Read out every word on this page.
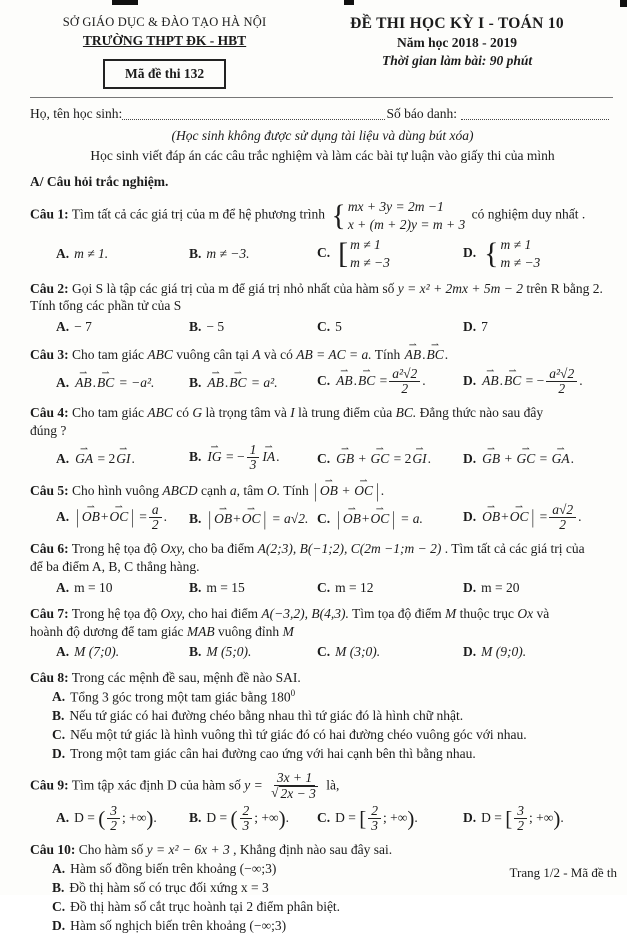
SỞ GIÁO DỤC & ĐÀO TẠO HÀ NỘI
TRƯỜNG THPT ĐK - HBT
Mã đề thi 132
ĐỀ THI HỌC KỲ I - TOÁN 10
Năm học 2018 - 2019
Thời gian làm bài: 90 phút
Họ, tên học sinh:	Số báo danh:
(Học sinh không được sử dụng tài liệu và dùng bút xóa)
Học sinh viết đáp án các câu trắc nghiệm và làm các bài tự luận vào giấy thi của mình
A/ Câu hỏi trắc nghiệm.
Câu 1: Tìm tất cả các giá trị của m để hệ phương trình { mx + 3y = 2m −1
x + (m + 2)y = m + 3
có nghiệm duy nhất .
A. m ≠ 1.	B. m ≠ −3.	C. [ m ≠ 1
m ≠ −3
D. { m ≠ 1
m ≠ −3
Câu 2: Gọi S là tập các giá trị của m để giá trị nhỏ nhất của hàm số y = x² + 2mx + 5m − 2 trên R bằng 2.
Tính tổng các phần tử của S
A. − 7	B. − 5	C. 5	D. 7
Câu 3: Cho tam giác ABC vuông cân tại A và có AB = AC = a. Tính ⇀ AB.⇀ BC.
A. ⇀ AB.⇀ BC = −a².	B. ⇀ AB.⇀ BC = a².	C. ⇀ AB.⇀ BC = $\frac{\text{a²√2}}{2}$ .	D. ⇀ AB.⇀ BC = − $\frac{\text{a²√2}}{2}$ .
Câu 4: Cho tam giác ABC có G là trọng tâm và I là trung điểm của BC. Đẳng thức nào sau đây
đúng ?
A. ⇀ GA = 2⇀ GI.	B. ⇀ IG = − $\frac{1}{3}$ ⇀ IA.	C. ⇀ GB + ⇀ GC = 2⇀ GI.	D. ⇀ GB + ⇀ GC = ⇀ GA.
Câu 5: Cho hình vuông ABCD cạnh a, tâm O. Tính | ⇀ OB + ⇀ OC | .
A. | ⇀ OB+⇀ OC | = $\frac{a}{2}$ .	B. | ⇀ OB+⇀ OC | = a√2. C. | ⇀ OB+⇀ OC | = a.	D. ⇀ OB+⇀ OC | = $\frac{a√2}{2}$ .
Câu 6: Trong hệ tọa độ Oxy, cho ba điểm A(2;3), B(−1;2), C(2m −1;m − 2) . Tìm tất cả các giá trị của
để ba điểm A, B, C thẳng hàng.
A. m = 10	B. m = 15	C. m = 12	D. m = 20
Câu 7: Trong hệ tọa độ Oxy, cho hai điểm A(−3,2), B(4,3). Tìm tọa độ điểm M thuộc trục Ox và
hoành độ dương để tam giác MAB vuông đỉnh M
A. M (7;0).	B. M (5;0).	C. M (3;0).	D. M (9;0).
Câu 8: Trong các mệnh đề sau, mệnh đề nào SAI.
A. Tổng 3 góc trong một tam giác bằng $180^0$
B. Nếu tứ giác có hai đường chéo bằng nhau thì tứ giác đó là hình chữ nhật.
C. Nếu một tứ giác là hình vuông thì tứ giác đó có hai đường chéo vuông góc với nhau.
D. Trong một tam giác cân hai đường cao ứng với hai cạnh bên thì bằng nhau.
Câu 9: Tìm tập xác định D của hàm số $y = \frac{3x + 1}{√ 2x - 3}$ là,
A. D = ( $\frac{3}{2}$ ; +∞).	B. D = ( $\frac{2}{3}$ ; +∞).	C. D = [ $\frac{2}{3}$ ; +∞).	D. D = [ $\frac{3}{2}$ ; +∞).
Câu 10: Cho hàm số y = x² − 6x + 3 , Khẳng định nào sau đây sai.
A. Hàm số đồng biến trên khoảng (−∞;3)
B. Đồ thị hàm số có trục đối xứng x = 3
C. Đồ thị hàm số cắt trục hoành tại 2 điểm phân biệt.
D. Hàm số nghịch biến trên khoảng (−∞;3)
Trang 1/2 - Mã đề th
